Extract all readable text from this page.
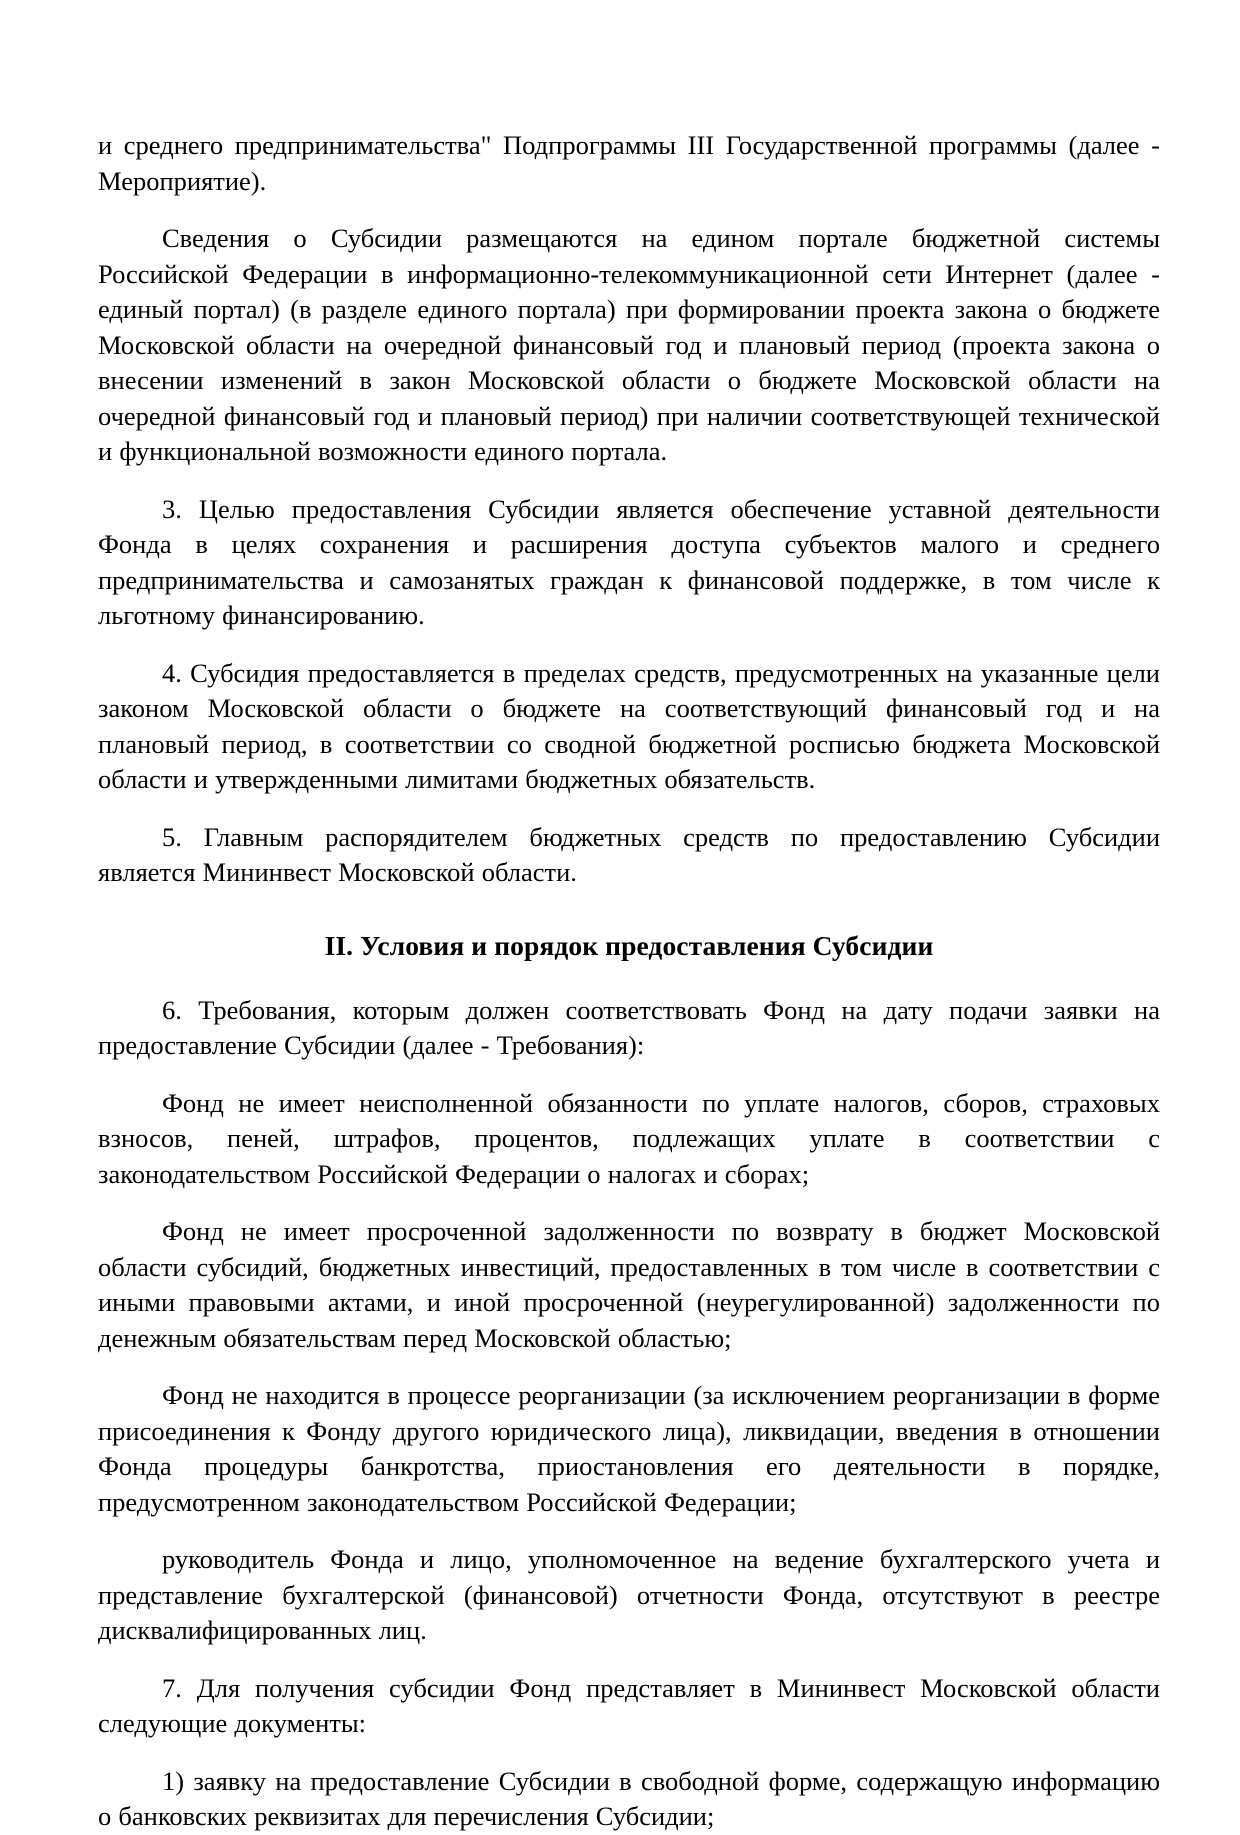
и среднего предпринимательства" Подпрограммы III Государственной программы (далее - Мероприятие).

Сведения о Субсидии размещаются на едином портале бюджетной системы Российской Федерации в информационно-телекоммуникационной сети Интернет (далее - единый портал) (в разделе единого портала) при формировании проекта закона о бюджете Московской области на очередной финансовый год и плановый период (проекта закона о внесении изменений в закон Московской области о бюджете Московской области на очередной финансовый год и плановый период) при наличии соответствующей технической и функциональной возможности единого портала.

3. Целью предоставления Субсидии является обеспечение уставной деятельности Фонда в целях сохранения и расширения доступа субъектов малого и среднего предпринимательства и самозанятых граждан к финансовой поддержке, в том числе к льготному финансированию.

4. Субсидия предоставляется в пределах средств, предусмотренных на указанные цели законом Московской области о бюджете на соответствующий финансовый год и на плановый период, в соответствии со сводной бюджетной росписью бюджета Московской области и утвержденными лимитами бюджетных обязательств.

5. Главным распорядителем бюджетных средств по предоставлению Субсидии является Мининвест Московской области.

II. Условия и порядок предоставления Субсидии

6. Требования, которым должен соответствовать Фонд на дату подачи заявки на предоставление Субсидии (далее - Требования):

Фонд не имеет неисполненной обязанности по уплате налогов, сборов, страховых взносов, пеней, штрафов, процентов, подлежащих уплате в соответствии с законодательством Российской Федерации о налогах и сборах;

Фонд не имеет просроченной задолженности по возврату в бюджет Московской области субсидий, бюджетных инвестиций, предоставленных в том числе в соответствии с иными правовыми актами, и иной просроченной (неурегулированной) задолженности по денежным обязательствам перед Московской областью;

Фонд не находится в процессе реорганизации (за исключением реорганизации в форме присоединения к Фонду другого юридического лица), ликвидации, введения в отношении Фонда процедуры банкротства, приостановления его деятельности в порядке, предусмотренном законодательством Российской Федерации;

руководитель Фонда и лицо, уполномоченное на ведение бухгалтерского учета и представление бухгалтерской (финансовой) отчетности Фонда, отсутствуют в реестре дисквалифицированных лиц.

7. Для получения субсидии Фонд представляет в Мининвест Московской области следующие документы:

1) заявку на предоставление Субсидии в свободной форме, содержащую информацию о банковских реквизитах для перечисления Субсидии;
